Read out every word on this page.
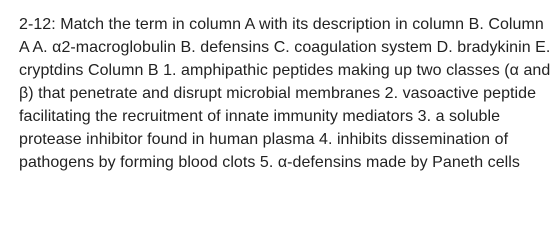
2-12: Match the term in column A with its description in column B. Column A A. α2-macroglobulin B. defensins C. coagulation system D. bradykinin E. cryptdins Column B 1. amphipathic peptides making up two classes (α and β) that penetrate and disrupt microbial membranes 2. vasoactive peptide facilitating the recruitment of innate immunity mediators 3. a soluble protease inhibitor found in human plasma 4. inhibits dissemination of pathogens by forming blood clots 5. α-defensins made by Paneth cells
